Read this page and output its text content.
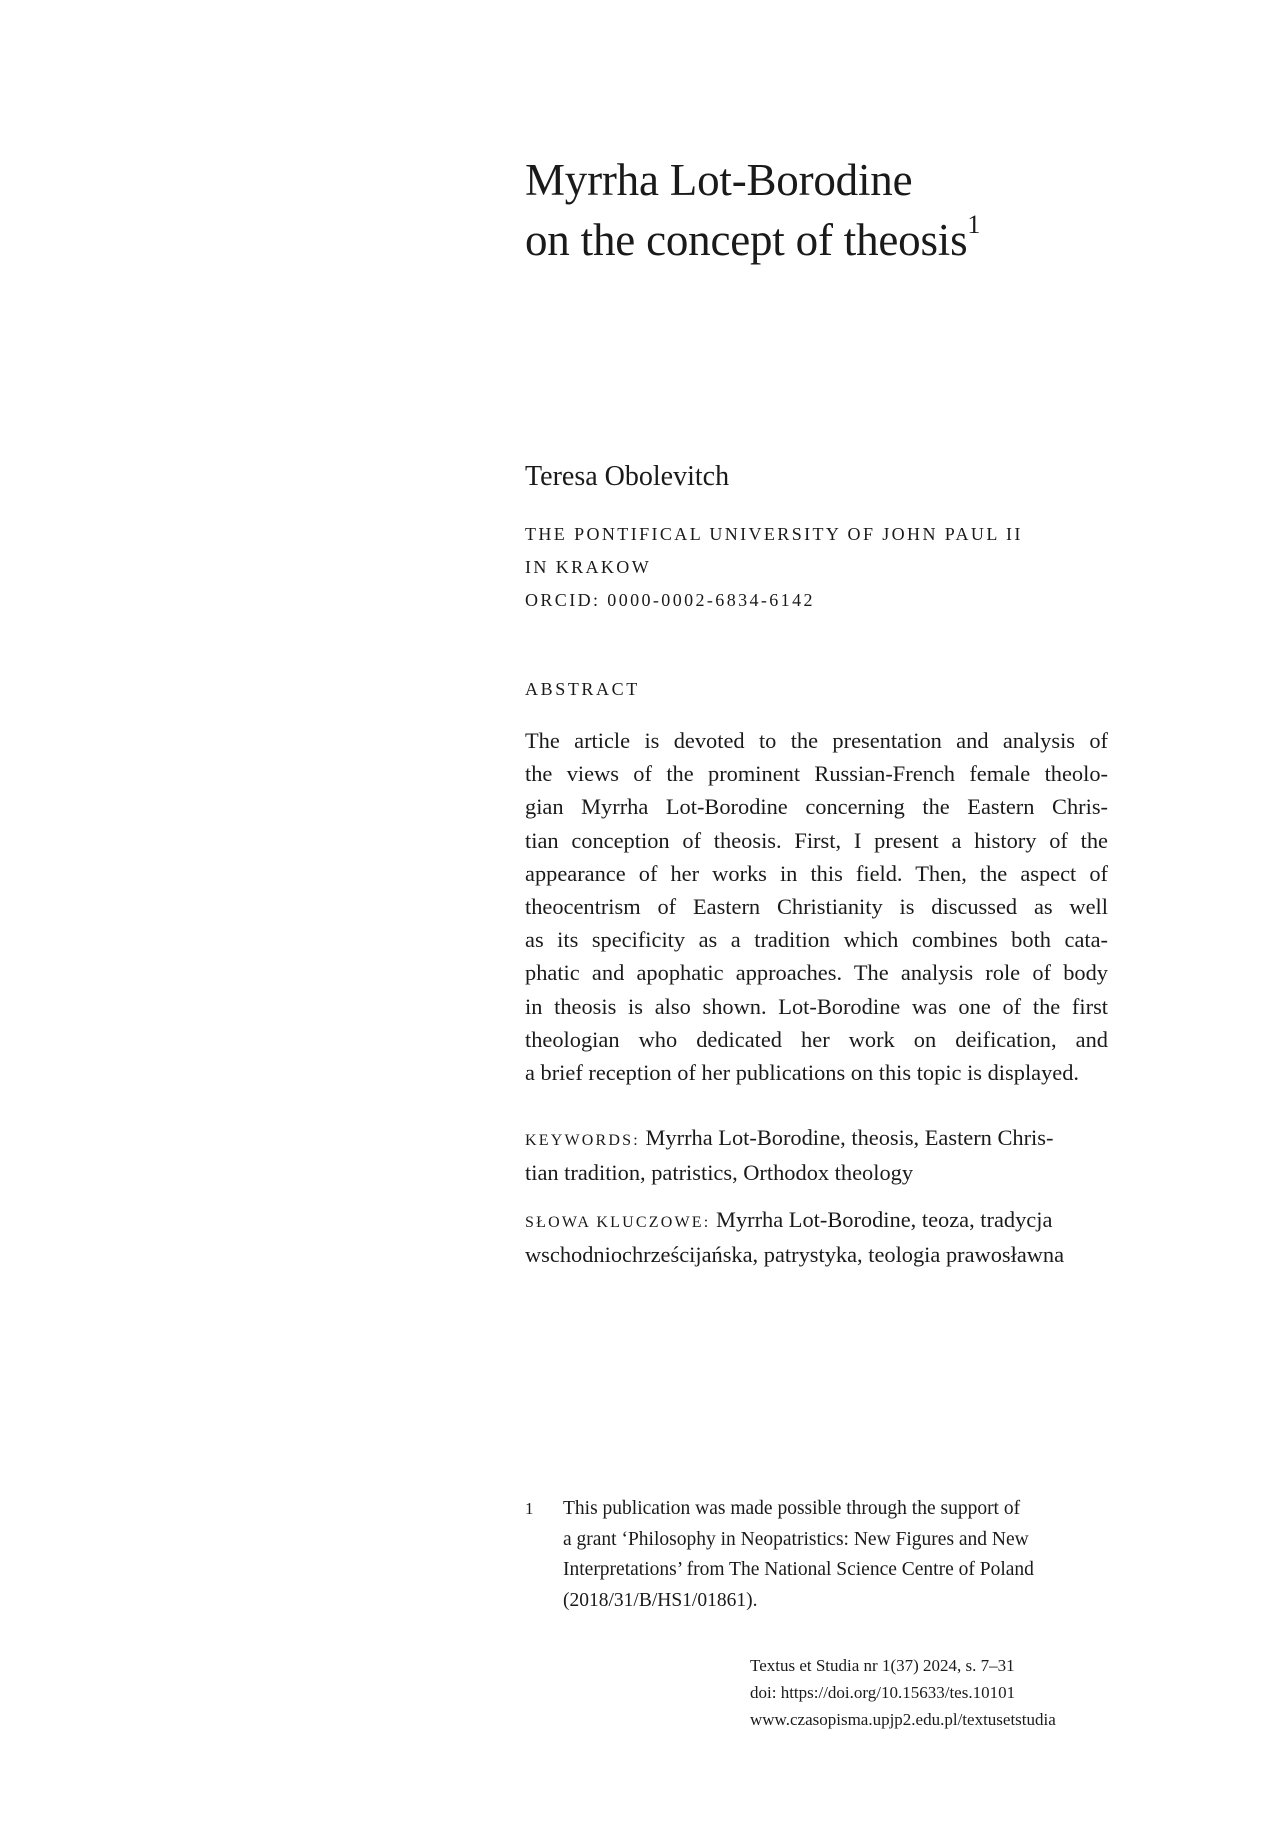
Myrrha Lot-Borodine
on the concept of theosis$^1$

Teresa Obolevitch

THE PONTIFICAL UNIVERSITY OF JOHN PAUL II
IN KRAKOW
ORCID: 0000-0002-6834-6142
ABSTRACT

The article is devoted to the presentation and analysis of
the views of the prominent Russian-French female theolo-
gian Myrrha Lot-Borodine concerning the Eastern Chris-
tian conception of theosis. First, I present a history of the
appearance of her works in this field. Then, the aspect of
theocentrism of Eastern Christianity is discussed as well
as its specificity as a tradition which combines both cata-
phatic and apophatic approaches. The analysis role of body
in theosis is also shown. Lot-Borodine was one of the first
theologian who dedicated her work on deification, and
a brief reception of her publications on this topic is displayed.

KEYWORDS: Myrrha Lot-Borodine, theosis, Eastern Chris-
tian tradition, patristics, Orthodox theology
SŁOWA KLUCZOWE: Myrrha Lot-Borodine, teoza, tradycja
wschodniochrześcijańska, patrystyka, teologia prawosławna
1	This publication was made possible through the support of
a grant ‘Philosophy in Neopatristics: New Figures and New
Interpretations’ from The National Science Centre of Poland
(2018/31/B/HS1/01861).
Textus et Studia nr 1(37) 2024, s. 7–31
doi: https://doi.org/10.15633/tes.10101
www.czasopisma.upjp2.edu.pl/textusetstudia
